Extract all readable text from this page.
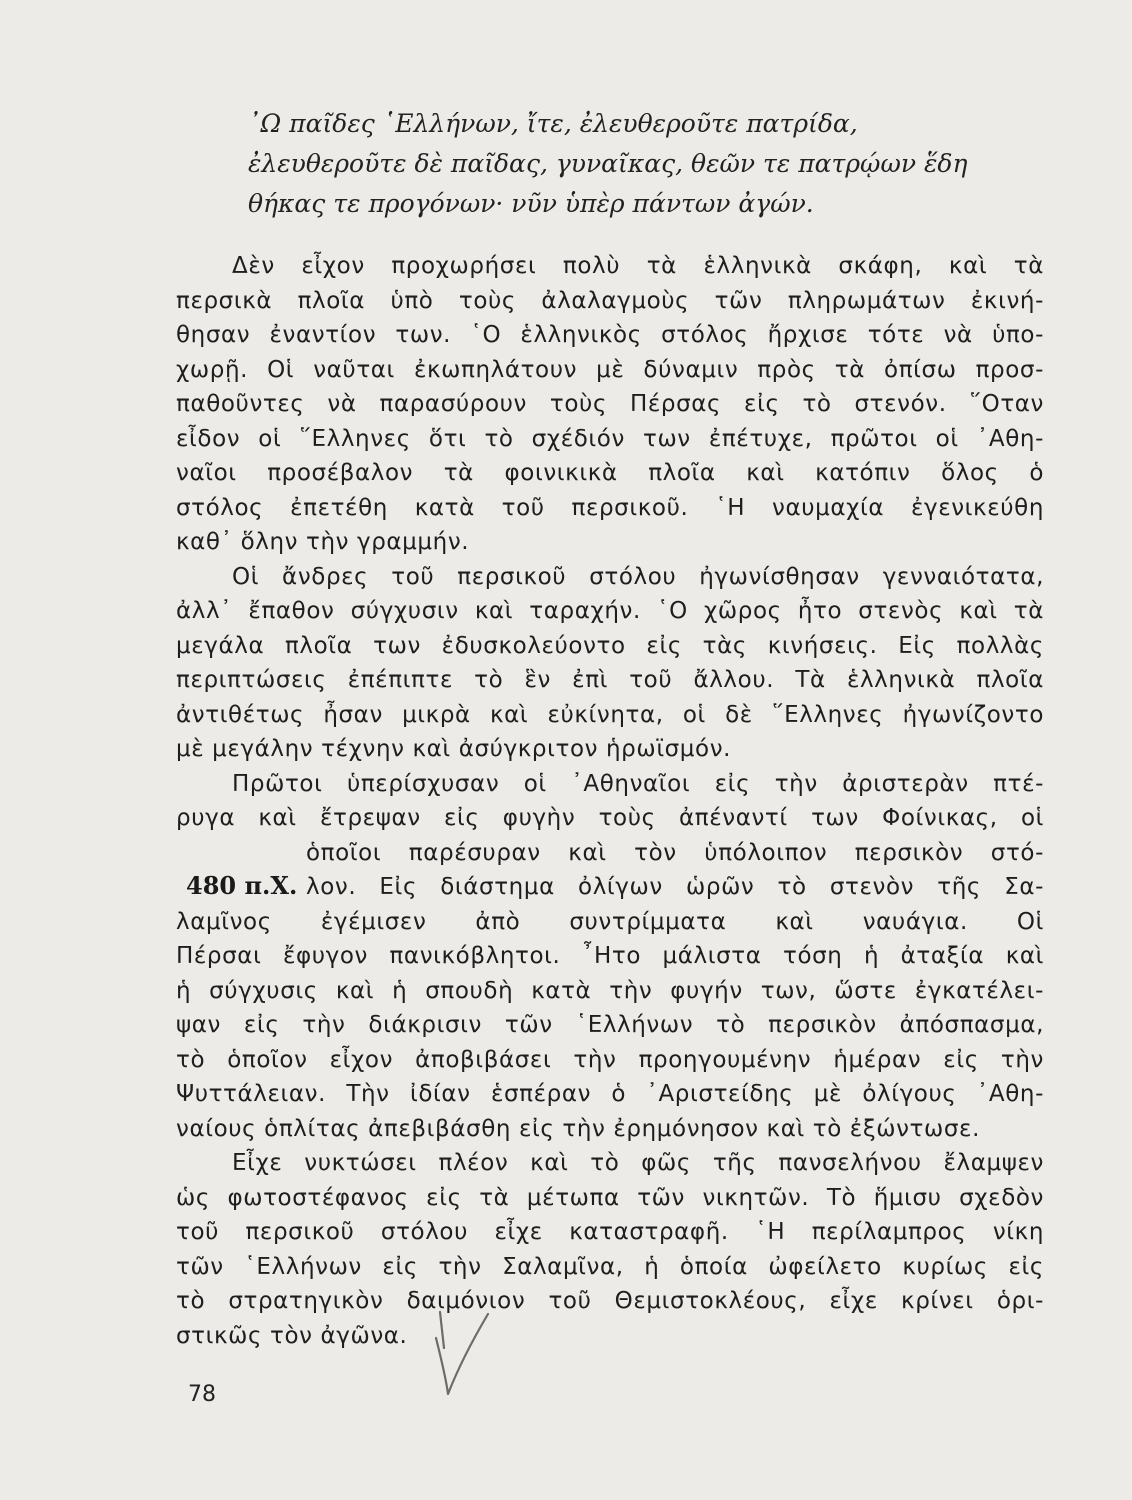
᾽Ω παῖδες ῾Ελλήνων, ἴτε, ἐλευθεροῦτε πατρίδα,
ἐλευθεροῦτε δὲ παῖδας, γυναῖκας, θεῶν τε πατρῴων ἕδη
θήκας τε προγόνων· νῦν ὑπὲρ πάντων ἀγών.
Δὲν εἶχον προχωρήσει πολὺ τὰ ἑλληνικὰ σκάφη, καὶ τὰ
περσικὰ πλοῖα ὑπὸ τοὺς ἀλαλαγμοὺς τῶν πληρωμάτων ἐκινή-
θησαν ἐναντίον των. ῾Ο ἑλληνικὸς στόλος ἤρχισε τότε νὰ ὑπο-
χωρῇ. Οἱ ναῦται ἐκωπηλάτουν μὲ δύναμιν πρὸς τὰ ὀπίσω προσ-
παθοῦντες νὰ παρασύρουν τοὺς Πέρσας εἰς τὸ στενόν. ῞Οταν
εἶδον οἱ ῞Ελληνες ὅτι τὸ σχέδιόν των ἐπέτυχε, πρῶτοι οἱ ᾽Αθη-
ναῖοι προσέβαλον τὰ φοινικικὰ πλοῖα καὶ κατόπιν ὅλος ὁ
στόλος ἐπετέθη κατὰ τοῦ περσικοῦ. ῾Η ναυμαχία ἐγενικεύθη
καθ᾽ ὅλην τὴν γραμμήν.
Οἱ ἄνδρες τοῦ περσικοῦ στόλου ἠγωνίσθησαν γενναιότατα,
ἀλλ᾽ ἔπαθον σύγχυσιν καὶ ταραχήν. ῾Ο χῶρος ἦτο στενὸς καὶ τὰ
μεγάλα πλοῖα των ἐδυσκολεύοντο εἰς τὰς κινήσεις. Εἰς πολλὰς
περιπτώσεις ἐπέπιπτε τὸ ἓν ἐπὶ τοῦ ἄλλου. Τὰ ἑλληνικὰ πλοῖα
ἀντιθέτως ἦσαν μικρὰ καὶ εὐκίνητα, οἱ δὲ ῞Ελληνες ἠγωνίζοντο
μὲ μεγάλην τέχνην καὶ ἀσύγκριτον ἡρωϊσμόν.
Πρῶτοι ὑπερίσχυσαν οἱ ᾽Αθηναῖοι εἰς τὴν ἀριστερὰν πτέ-
ρυγα καὶ ἔτρεψαν εἰς φυγὴν τοὺς ἀπέναντί των Φοίνικας, οἱ
ὁποῖοι παρέσυραν καὶ τὸν ὑπόλοιπον περσικὸν στό-
λον. Εἰς διάστημα ὀλίγων ὡρῶν τὸ στενὸν τῆς Σα-
λαμῖνος ἐγέμισεν ἀπὸ συντρίμματα καὶ ναυάγια. Οἱ
Πέρσαι ἔφυγον πανικόβλητοι. ῏Ητο μάλιστα τόση ἡ ἀταξία καὶ
ἡ σύγχυσις καὶ ἡ σπουδὴ κατὰ τὴν φυγήν των, ὥστε ἐγκατέλει-
ψαν εἰς τὴν διάκρισιν τῶν ῾Ελλήνων τὸ περσικὸν ἀπόσπασμα,
τὸ ὁποῖον εἶχον ἀποβιβάσει τὴν προηγουμένην ἡμέραν εἰς τὴν
Ψυττάλειαν. Τὴν ἰδίαν ἑσπέραν ὁ ᾽Αριστείδης μὲ ὀλίγους ᾽Αθη-
ναίους ὁπλίτας ἀπεβιβάσθη εἰς τὴν ἐρημόνησον καὶ τὸ ἐξώντωσε.
Εἶχε νυκτώσει πλέον καὶ τὸ φῶς τῆς πανσελήνου ἔλαμψεν
ὡς φωτοστέφανος εἰς τὰ μέτωπα τῶν νικητῶν. Τὸ ἥμισυ σχεδὸν
τοῦ περσικοῦ στόλου εἶχε καταστραφῆ. ῾Η περίλαμπρος νίκη
τῶν ῾Ελλήνων εἰς τὴν Σαλαμῖνα, ἡ ὁποία ὠφείλετο κυρίως εἰς
τὸ στρατηγικὸν δαιμόνιον τοῦ Θεμιστοκλέους, εἶχε κρίνει ὁρι-
στικῶς τὸν ἀγῶνα.
480 π.Χ.
78
